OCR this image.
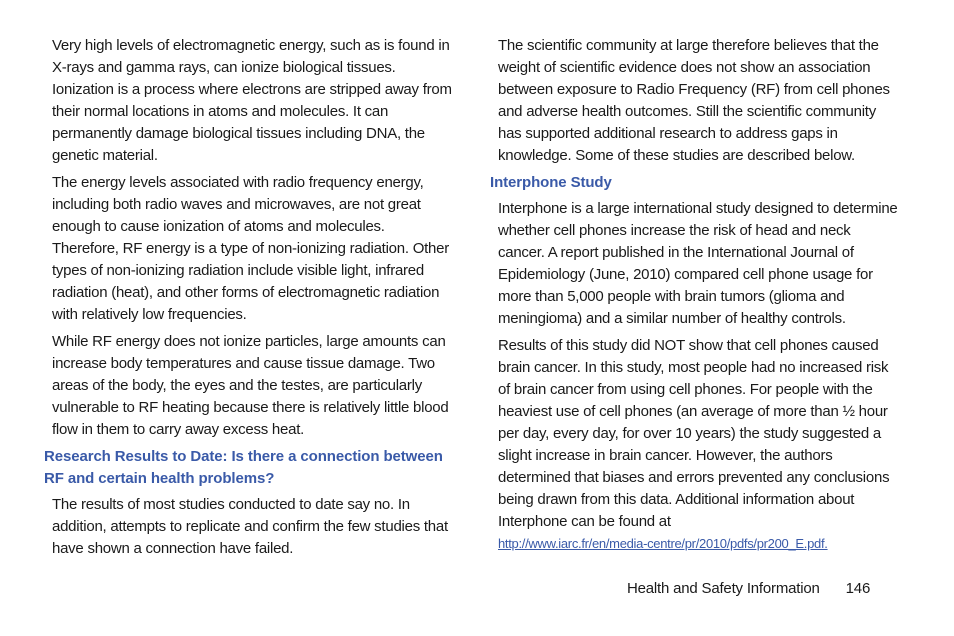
Very high levels of electromagnetic energy, such as is found in X-rays and gamma rays, can ionize biological tissues. Ionization is a process where electrons are stripped away from their normal locations in atoms and molecules. It can permanently damage biological tissues including DNA, the genetic material.

The energy levels associated with radio frequency energy, including both radio waves and microwaves, are not great enough to cause ionization of atoms and molecules. Therefore, RF energy is a type of non-ionizing radiation. Other types of non-ionizing radiation include visible light, infrared radiation (heat), and other forms of electromagnetic radiation with relatively low frequencies.

While RF energy does not ionize particles, large amounts can increase body temperatures and cause tissue damage. Two areas of the body, the eyes and the testes, are particularly vulnerable to RF heating because there is relatively little blood flow in them to carry away excess heat.

Research Results to Date: Is there a connection between RF and certain health problems?

The results of most studies conducted to date say no. In addition, attempts to replicate and confirm the few studies that have shown a connection have failed.

The scientific community at large therefore believes that the weight of scientific evidence does not show an association between exposure to Radio Frequency (RF) from cell phones and adverse health outcomes. Still the scientific community has supported additional research to address gaps in knowledge. Some of these studies are described below.

Interphone Study

Interphone is a large international study designed to determine whether cell phones increase the risk of head and neck cancer. A report published in the International Journal of Epidemiology (June, 2010) compared cell phone usage for more than 5,000 people with brain tumors (glioma and meningioma) and a similar number of healthy controls.

Results of this study did NOT show that cell phones caused brain cancer. In this study, most people had no increased risk of brain cancer from using cell phones. For people with the heaviest use of cell phones (an average of more than ½ hour per day, every day, for over 10 years) the study suggested a slight increase in brain cancer. However, the authors determined that biases and errors prevented any conclusions being drawn from this data. Additional information about Interphone can be found at

http://www.iarc.fr/en/media-centre/pr/2010/pdfs/pr200_E.pdf.
Health and Safety Information 146
